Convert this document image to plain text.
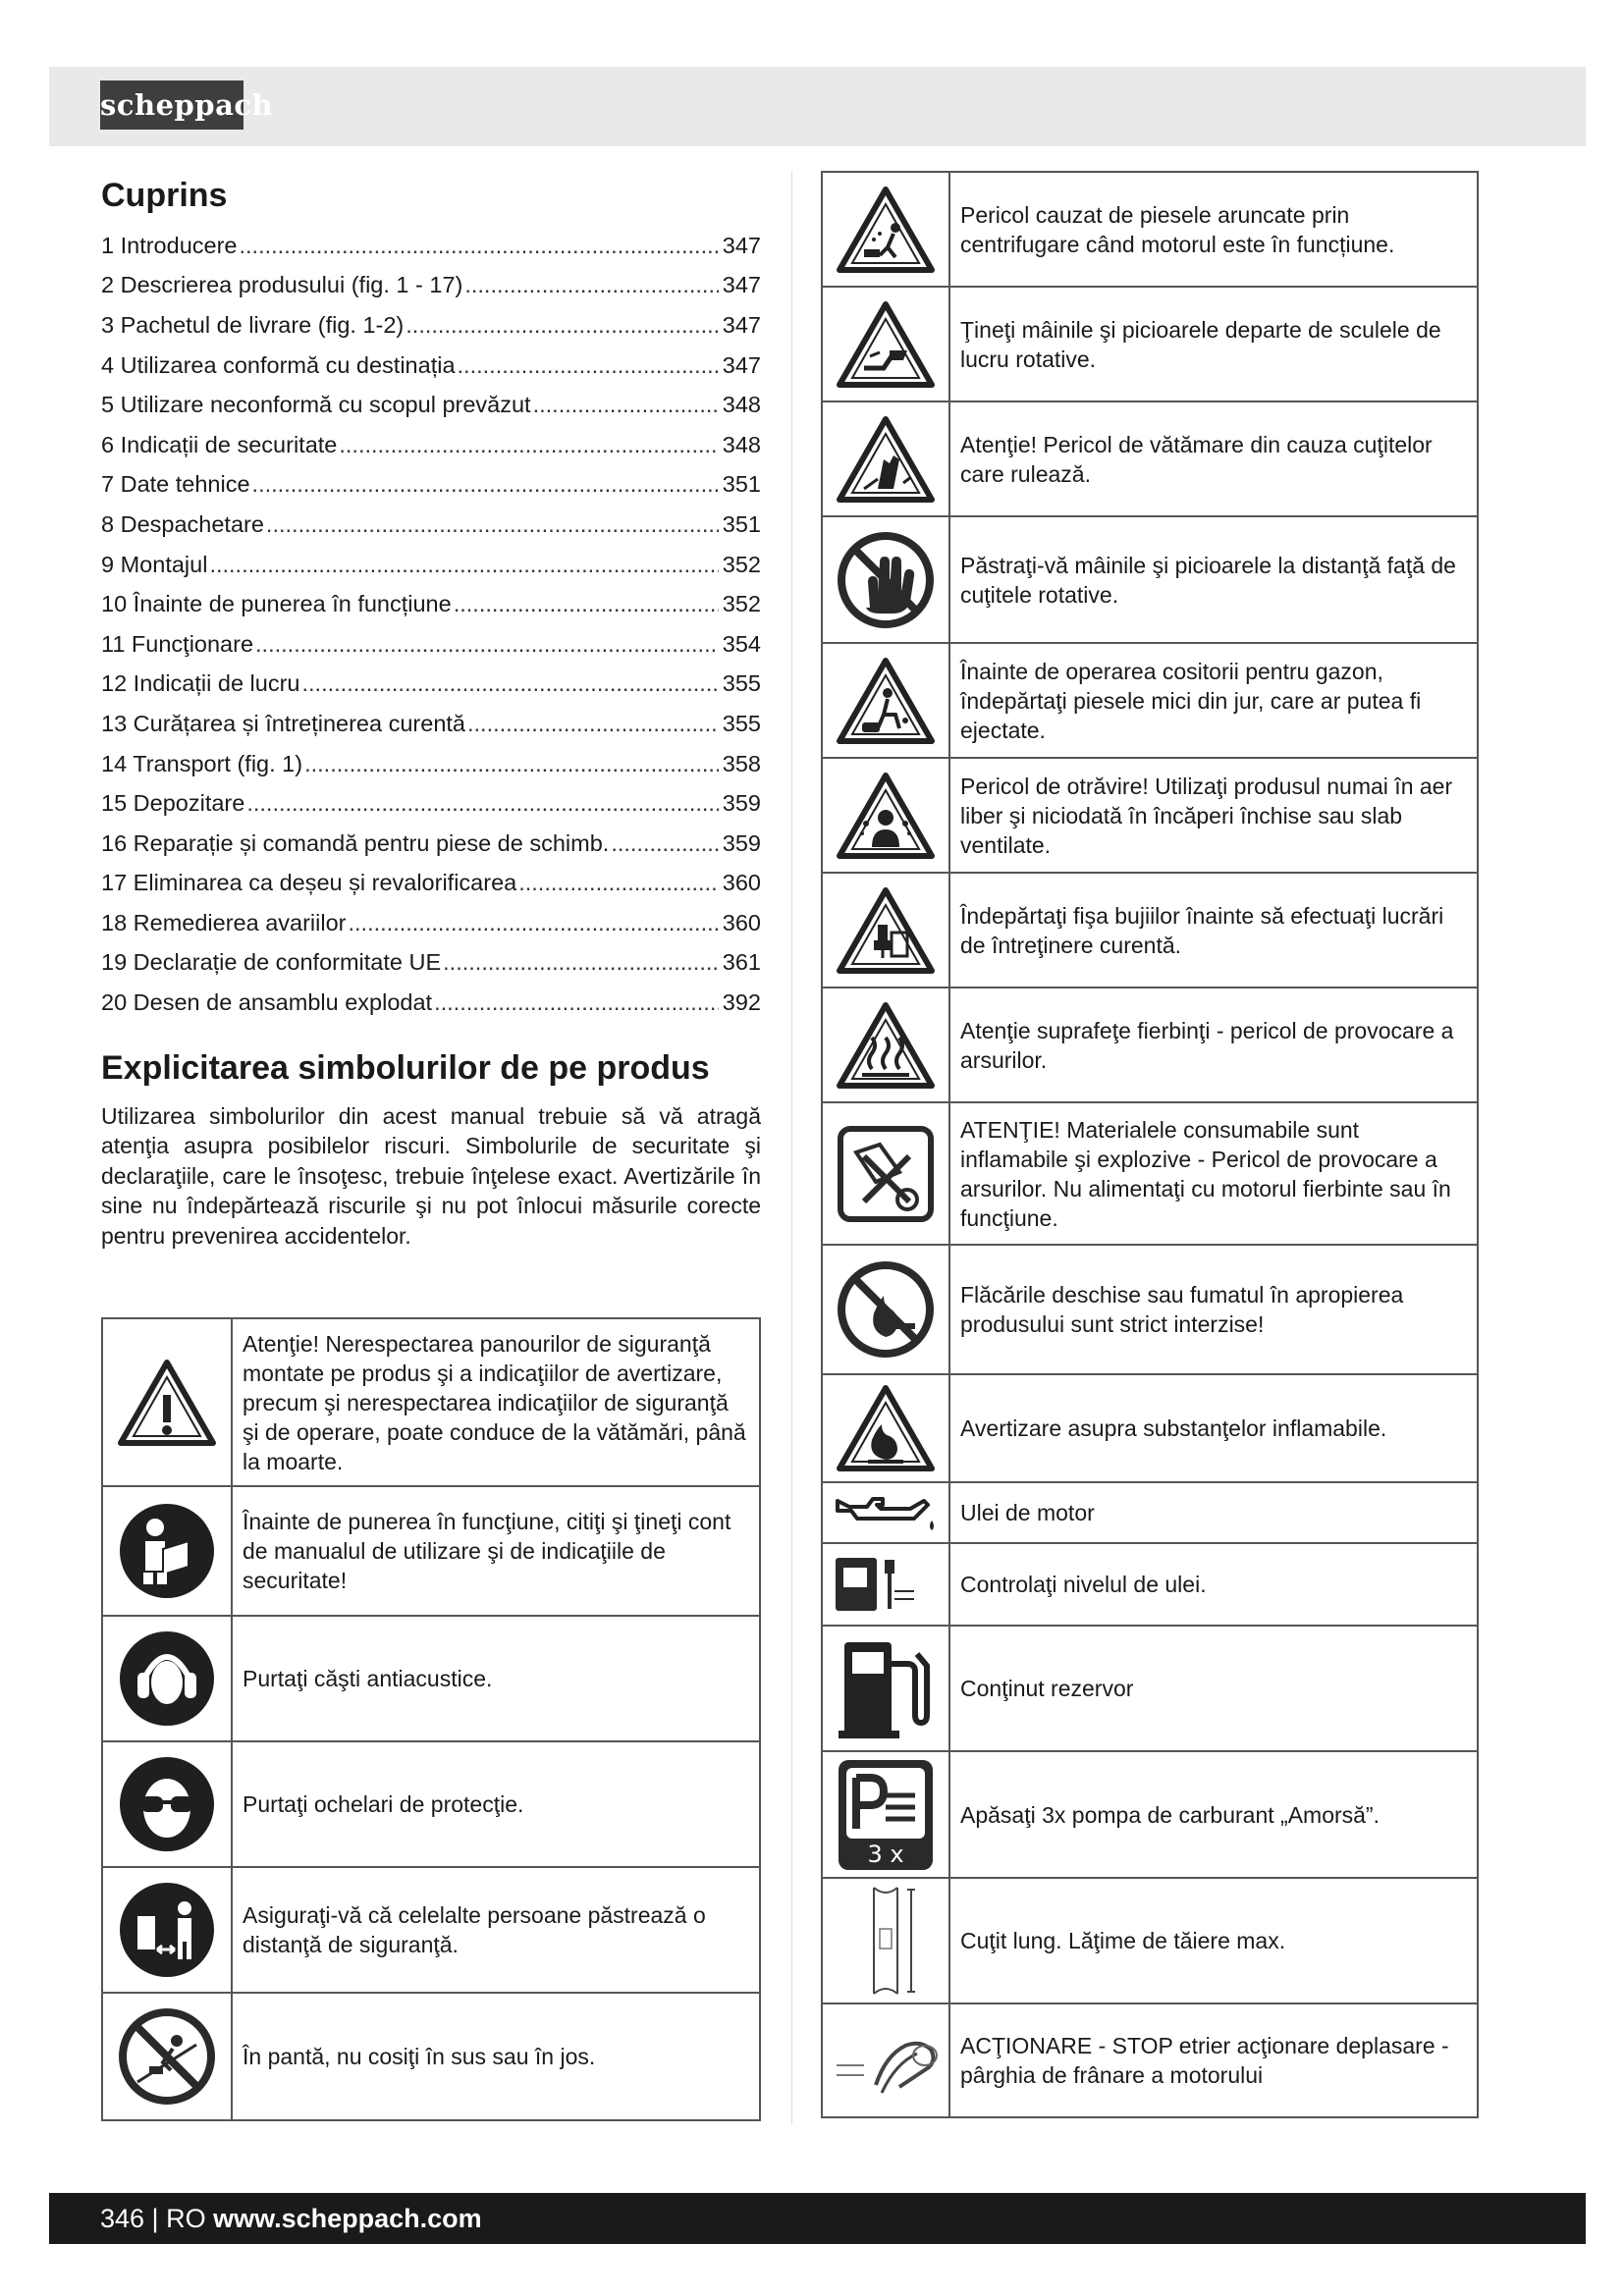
scheppach
Cuprins
1 Introducere .....	347
2 Descrierea produsului (fig. 1 - 17) .....	347
3 Pachetul de livrare (fig. 1-2) .....	347
4 Utilizarea conformă cu destinația .....	347
5 Utilizare neconformă cu scopul prevăzut .....	348
6 Indicații de securitate .....	348
7 Date tehnice .....	351
8 Despachetare .....	351
9 Montajul .....	352
10 Înainte de punerea în funcțiune .....	352
11 Funcţionare .....	354
12 Indicații de lucru .....	355
13 Curățarea și întreținerea curentă .....	355
14 Transport (fig. 1) .....	358
15 Depozitare .....	359
16 Reparație și comandă pentru piese de schimb. .....	359
17 Eliminarea ca deșeu și revalorificarea .....	360
18 Remedierea avariilor .....	360
19 Declarație de conformitate UE .....	361
20 Desen de ansamblu explodat .....	392
Explicitarea simbolurilor de pe produs

Utilizarea simbolurilor din acest manual trebuie să vă atragă atenţia asupra posibilelor riscuri. Simbolurile de securitate şi declaraţiile, care le însoţesc, trebuie înţelese exact. Avertizările în sine nu îndepărtează riscurile şi nu pot înlocui măsurile corecte pentru prevenirea accidentelor.

	Atenţie! Nerespectarea panourilor de siguranţă montate pe produs şi a indicaţiilor de avertizare, precum şi nerespectarea indicaţiilor de siguranţă şi de operare, poate conduce de la vătămări, până la moarte.

	Înainte de punerea în funcţiune, citiţi şi ţineţi cont de manualul de utilizare şi de indicaţiile de securitate!

	Purtaţi căşti antiacustice.

	Purtaţi ochelari de protecţie.

	Asiguraţi-vă că celelalte persoane păstrează o distanţă de siguranţă.

	În pantă, nu cosiţi în sus sau în jos.
	Pericol cauzat de piesele aruncate prin centrifugare când motorul este în funcțiune.

	Ţineţi mâinile şi picioarele departe de sculele de lucru rotative.

	Atenţie! Pericol de vătămare din cauza cuţitelor care rulează.

	Păstraţi-vă mâinile şi picioarele la distanţă faţă de cuţitele rotative.

	Înainte de operarea cositorii pentru gazon, îndepărtaţi piesele mici din jur, care ar putea fi ejectate.

	Pericol de otrăvire! Utilizaţi produsul numai în aer liber şi niciodată în încăperi închise sau slab ventilate.

	Îndepărtaţi fişa bujiilor înainte să efectuaţi lucrări de întreţinere curentă.

	Atenţie suprafeţe fierbinţi - pericol de provocare a arsurilor.

	ATENŢIE! Materialele consumabile sunt inflamabile şi explozive - Pericol de provocare a arsurilor. Nu alimentaţi cu motorul fierbinte sau în funcţiune.

	Flăcările deschise sau fumatul în apropierea produsului sunt strict interzise!

	Avertizare asupra substanţelor inflamabile.

	Ulei de motor

	Controlaţi nivelul de ulei.

	Conţinut rezervor

3 x	Apăsaţi 3x pompa de carburant „Amorsă”.

	Cuţit lung. Lăţime de tăiere max.

	ACŢIONARE - STOP etrier acţionare deplasare - pârghia de frânare a motorului
346 | RO www.scheppach.com
